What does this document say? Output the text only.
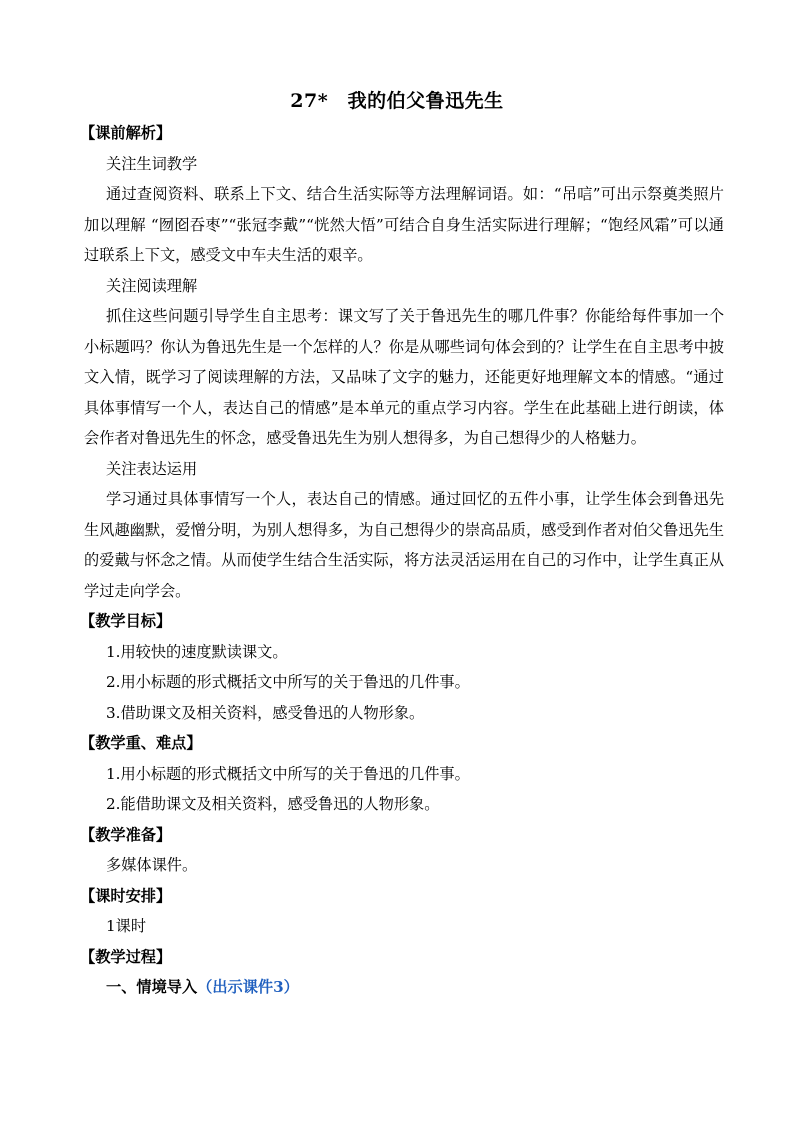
27*　我的伯父鲁迅先生
【课前解析】
关注生词教学
通过查阅资料、联系上下文、结合生活实际等方法理解词语。如：“吊唁”可出示祭奠类照片加以理解 “囫囵吞枣”“张冠李戴”“恍然大悟”可结合自身生活实际进行理解；“饱经风霜”可以通过联系上下文，感受文中车夫生活的艰辛。
关注阅读理解
抓住这些问题引导学生自主思考：课文写了关于鲁迅先生的哪几件事？你能给每件事加一个小标题吗？你认为鲁迅先生是一个怎样的人？你是从哪些词句体会到的？让学生在自主思考中披文入情，既学习了阅读理解的方法，又品味了文字的魅力，还能更好地理解文本的情感。“通过具体事情写一个人，表达自己的情感”是本单元的重点学习内容。学生在此基础上进行朗读，体会作者对鲁迅先生的怀念，感受鲁迅先生为别人想得多，为自己想得少的人格魅力。
关注表达运用
学习通过具体事情写一个人，表达自己的情感。通过回忆的五件小事，让学生体会到鲁迅先生风趣幽默，爱憎分明，为别人想得多，为自己想得少的崇高品质，感受到作者对伯父鲁迅先生的爱戴与怀念之情。从而使学生结合生活实际，将方法灵活运用在自己的习作中，让学生真正从学过走向学会。
【教学目标】
1.用较快的速度默读课文。
2.用小标题的形式概括文中所写的关于鲁迅的几件事。
3.借助课文及相关资料，感受鲁迅的人物形象。
【教学重、难点】
1.用小标题的形式概括文中所写的关于鲁迅的几件事。
2.能借助课文及相关资料，感受鲁迅的人物形象。
【教学准备】
多媒体课件。
【课时安排】
1课时
【教学过程】
一、情境导入（出示课件3）
